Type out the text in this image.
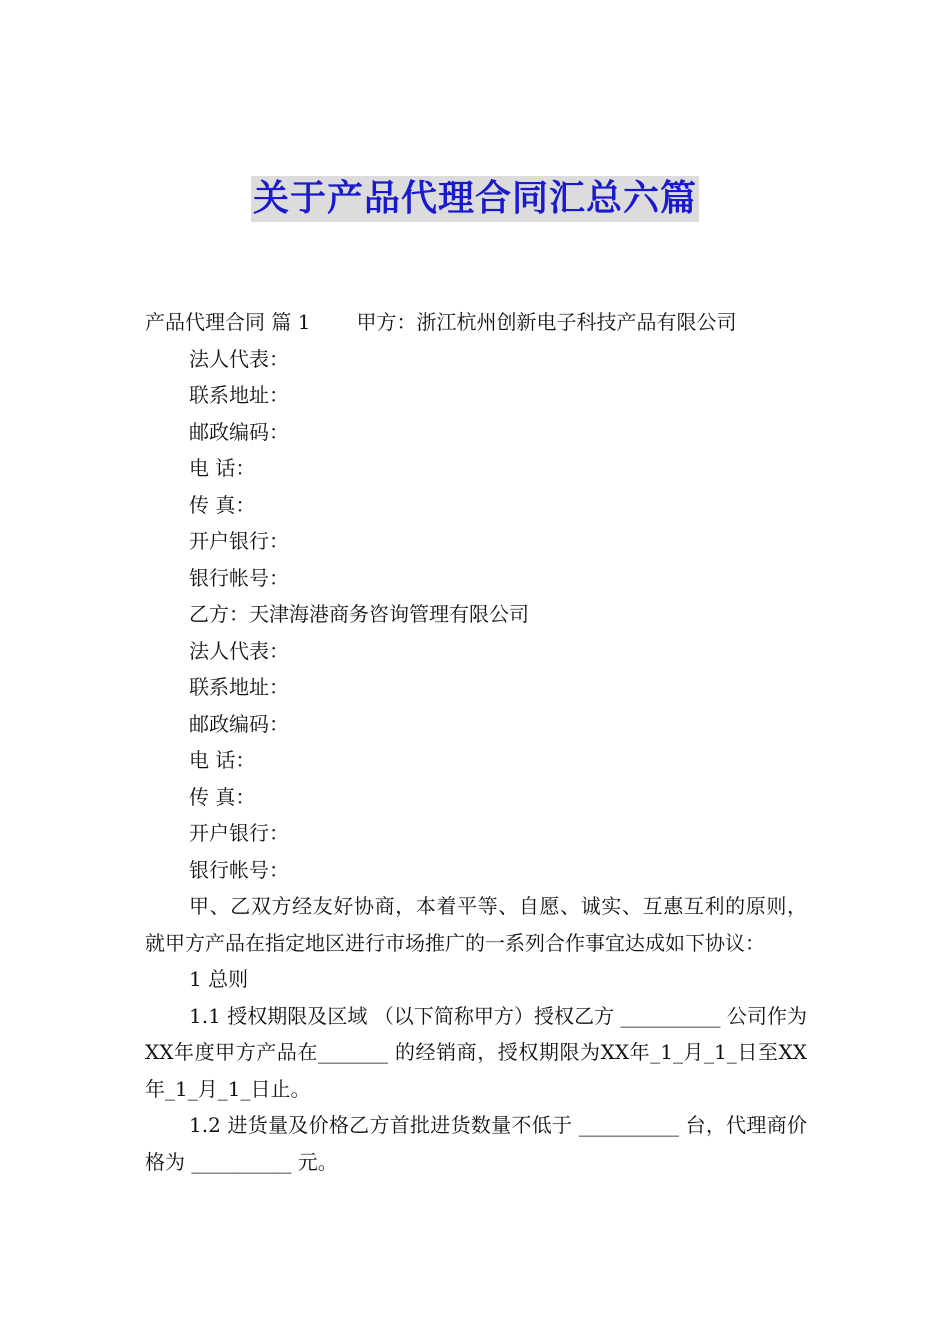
关于产品代理合同汇总六篇
产品代理合同 篇 1 甲方：浙江杭州创新电子科技产品有限公司
法人代表：
联系地址：
邮政编码：
电 话：
传 真：
开户银行：
银行帐号：
乙方：天津海港商务咨询管理有限公司
法人代表：
联系地址：
邮政编码：
电 话：
传 真：
开户银行：
银行帐号：
甲、乙双方经友好协商，本着平等、自愿、诚实、互惠互利的原则，就甲方产品在指定地区进行市场推广的一系列合作事宜达成如下协议：
1 总则
1.1 授权期限及区域 （以下简称甲方）授权乙方 __________ 公司作为XX年度甲方产品在_______ 的经销商，授权期限为XX年_1_月_1_日至XX年_1_月_1_日止。
1.2 进货量及价格乙方首批进货数量不低于 __________ 台，代理商价格为 __________ 元。
